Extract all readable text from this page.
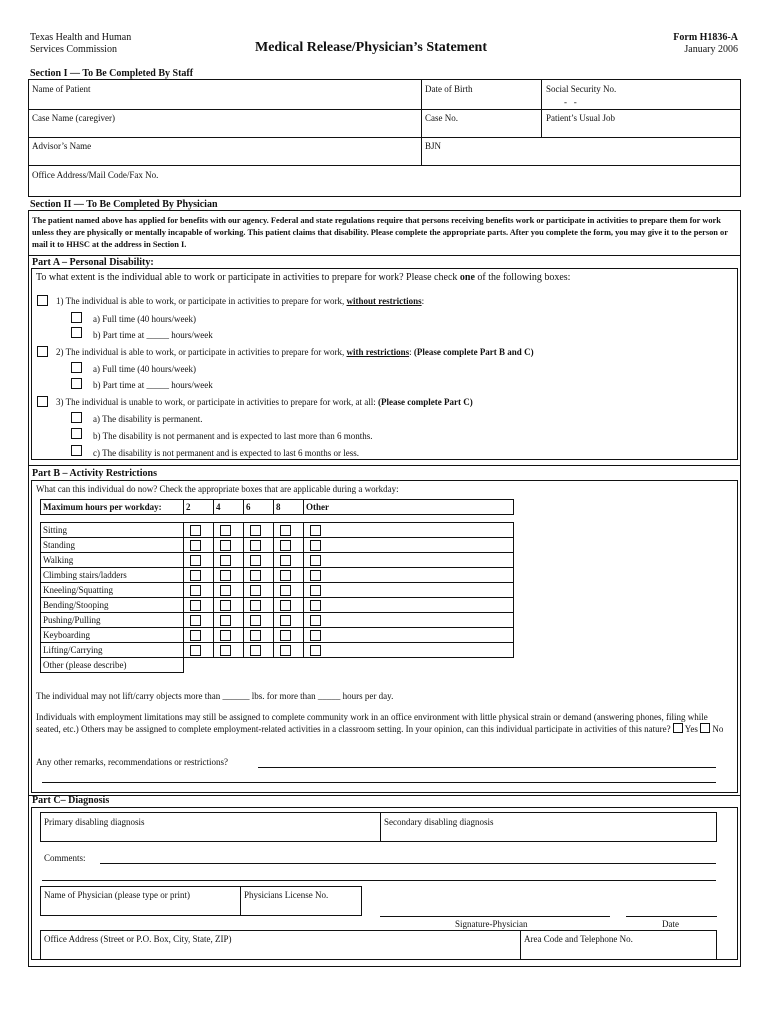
Texas Health and Human
Services Commission	Medical Release/Physician’s Statement
Form H1836-A
January 2006
Section I — To Be Completed By Staff
Name of Patient	Date of Birth	Social Security No.
-   -
Case Name (caregiver)	Case No.	Patient’s Usual Job
Advisor’s Name	BJN
Office Address/Mail Code/Fax No.
Section II — To Be Completed By Physician
The patient named above has applied for benefits with our agency. Federal and state regulations require that persons receiving benefits work or participate in activities to prepare them for work unless they are physically or mentally incapable of working. This patient claims that disability. Please complete the appropriate parts. After you complete the form, you may give it to the person or mail it to HHSC at the address in Section I.
Part A – Personal Disability:
To what extent is the individual able to work or participate in activities to prepare for work? Please check one of the following boxes:
1) The individual is able to work, or participate in activities to prepare for work, without restrictions:
a) Full time (40 hours/week)
b) Part time at _____ hours/week
2) The individual is able to work, or participate in activities to prepare for work, with restrictions: (Please complete Part B and C)
a) Full time (40 hours/week)
b) Part time at _____ hours/week
3) The individual is unable to work, or participate in activities to prepare for work, at all: (Please complete Part C)
a) The disability is permanent.
b) The disability is not permanent and is expected to last more than 6 months.
c) The disability is not permanent and is expected to last 6 months or less.
Part B – Activity Restrictions
What can this individual do now? Check the appropriate boxes that are applicable during a workday:
Maximum hours per workday:	2	4	6	8	Other

Sitting					
Standing					
Walking					
Climbing stairs/ladders					
Kneeling/Squatting					
Bending/Stooping					
Pushing/Pulling					
Keyboarding					
Lifting/Carrying					
Other (please describe)					
The individual may not lift/carry objects more than ______ lbs. for more than _____ hours per day.
Individuals with employment limitations may still be assigned to complete community work in an office environment with little physical strain or demand (answering phones, filing while seated, etc.) Others may be assigned to complete employment-related activities in a classroom setting. In your opinion, can this individual participate in activities of this nature? Yes No
Any other remarks, recommendations or restrictions?
Part C– Diagnosis
Primary disabling diagnosis	Secondary disabling diagnosis
Comments:
Name of Physician (please type or print)	Physicians License No.
Signature-Physician	Date
Office Address (Street or P.O. Box, City, State, ZIP)	Area Code and Telephone No.
